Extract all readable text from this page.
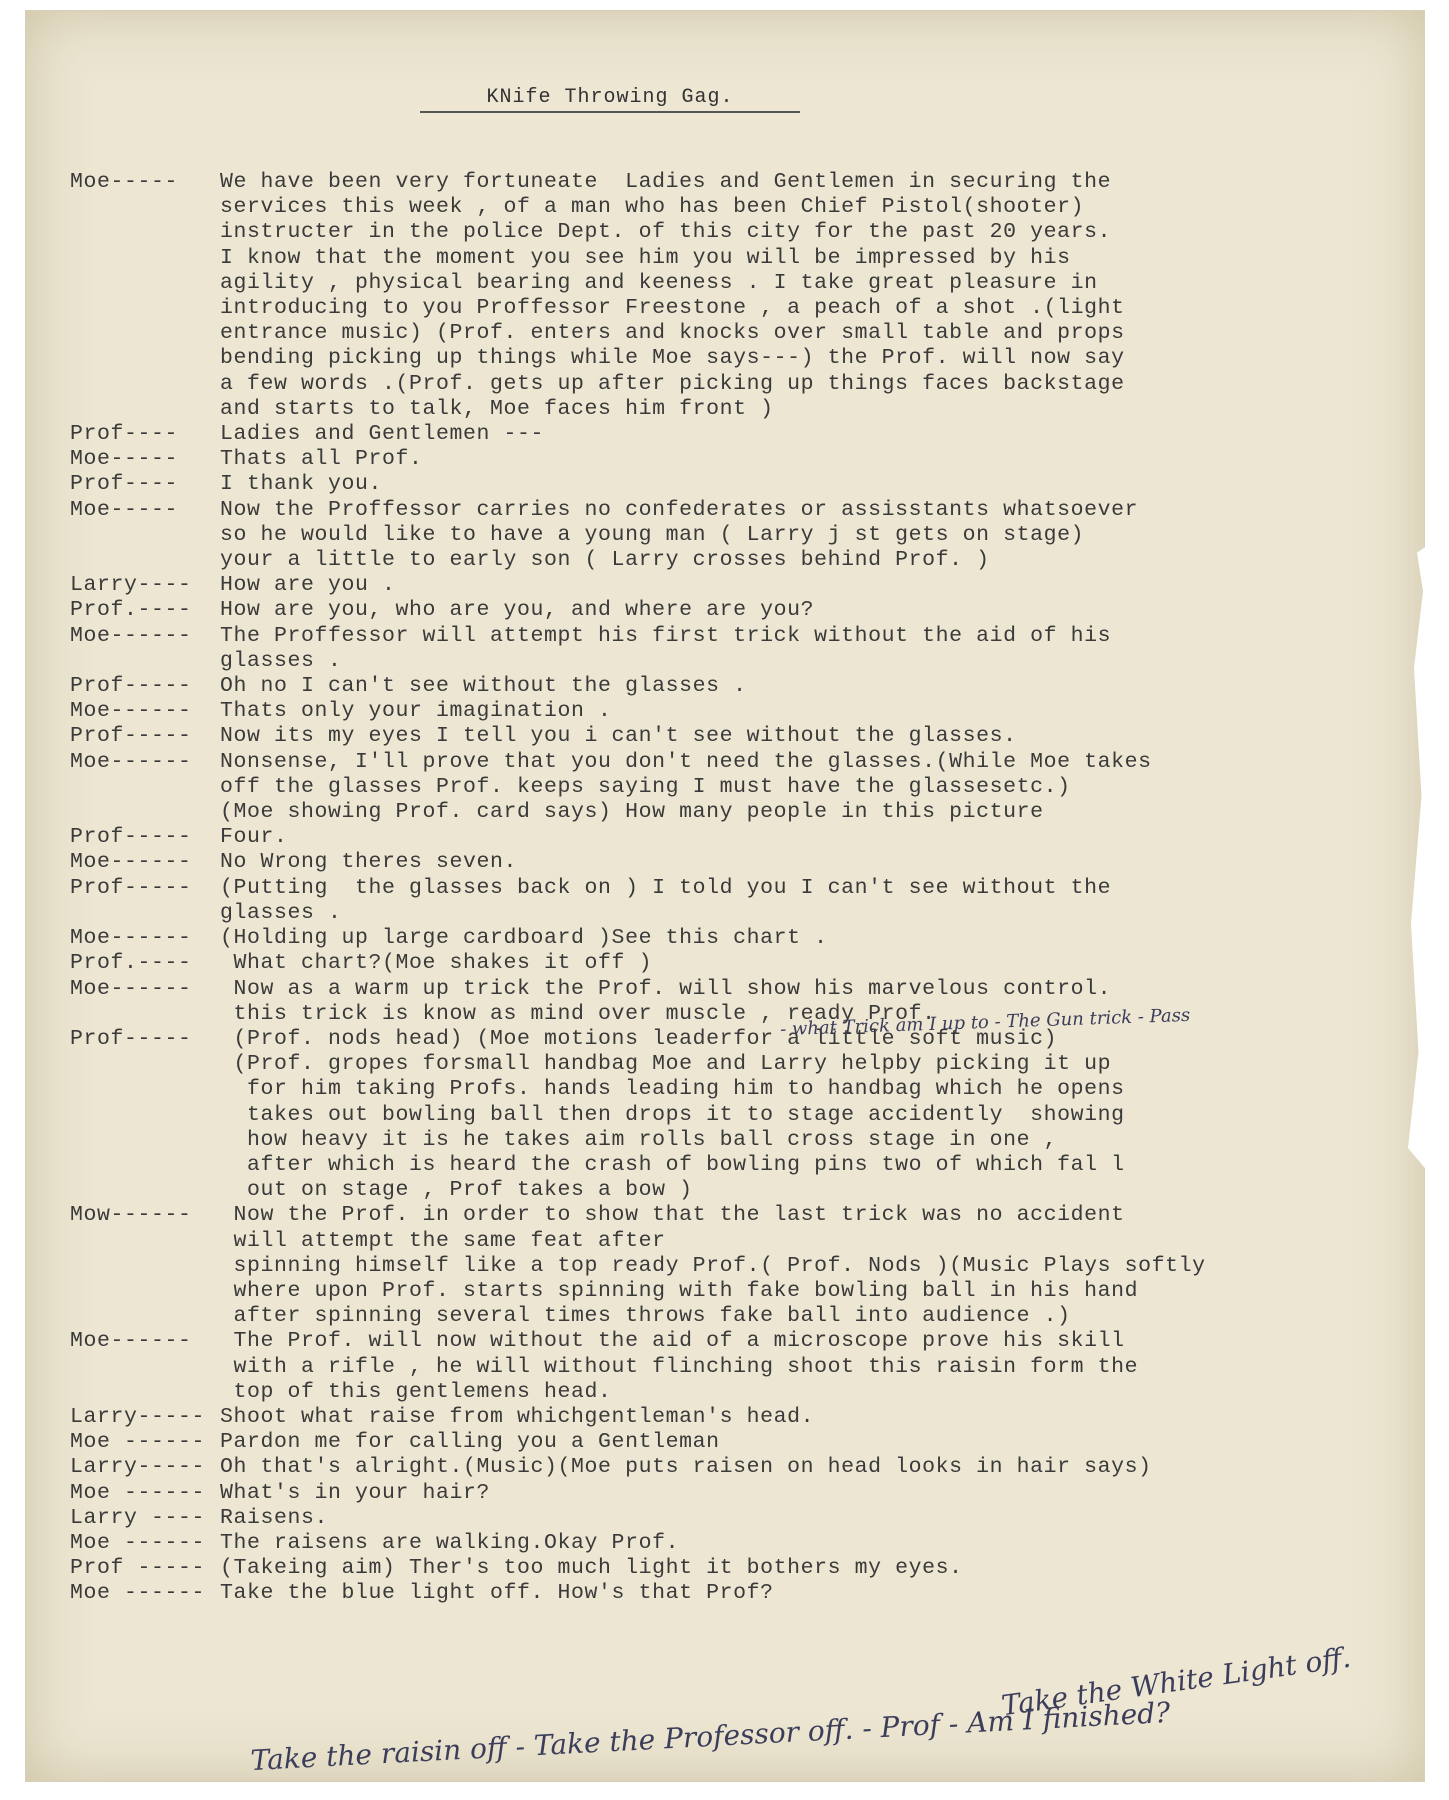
KNife Throwing Gag.
Moe-----	We have been very fortuneate  Ladies and Gentlemen in securing the
services this week , of a man who has been Chief Pistol(shooter)
instructer in the police Dept. of this city for the past 20 years.
I know that the moment you see him you will be impressed by his
agility , physical bearing and keeness . I take great pleasure in
introducing to you Proffessor Freestone , a peach of a shot .(light
entrance music) (Prof. enters and knocks over small table and props
bending picking up things while Moe says---) the Prof. will now say
a few words .(Prof. gets up after picking up things faces backstage
and starts to talk, Moe faces him front )
Prof----	Ladies and Gentlemen ---
Moe-----	Thats all Prof.
Prof----	I thank you.
Moe-----	Now the Proffessor carries no confederates or assisstants whatsoever
so he would like to have a young man ( Larry j st gets on stage)
your a little to early son ( Larry crosses behind Prof. )
Larry----	How are you .
Prof.----	How are you, who are you, and where are you?
Moe------	The Proffessor will attempt his first trick without the aid of his
glasses .
Prof-----	Oh no I can't see without the glasses .
Moe------	Thats only your imagination .
Prof-----	Now its my eyes I tell you i can't see without the glasses.
Moe------	Nonsense, I'll prove that you don't need the glasses.(While Moe takes
off the glasses Prof. keeps saying I must have the glassesetc.)
(Moe showing Prof. card says) How many people in this picture
Prof-----	Four.
Moe------	No Wrong theres seven.
Prof-----	(Putting  the glasses back on ) I told you I can't see without the
glasses .
Moe------	(Holding up large cardboard )See this chart .
Prof.----	What chart?(Moe shakes it off )
Moe------	Now as a warm up trick the Prof. will show his marvelous control.
this trick is know as mind over muscle , ready Prof.
Prof-----	(Prof. nods head) (Moe motions leaderfor a little soft music)
(Prof. gropes forsmall handbag Moe and Larry helpby picking it up
for him taking Profs. hands leading him to handbag which he opens
takes out bowling ball then drops it to stage accidently  showing
how heavy it is he takes aim rolls ball cross stage in one ,
after which is heard the crash of bowling pins two of which fal l
out on stage , Prof takes a bow )
Mow------	Now the Prof. in order to show that the last trick was no accident
will attempt the same feat after
spinning himself like a top ready Prof.( Prof. Nods )(Music Plays softly
where upon Prof. starts spinning with fake bowling ball in his hand
after spinning several times throws fake ball into audience .)
Moe------	The Prof. will now without the aid of a microscope prove his skill
with a rifle , he will without flinching shoot this raisin form the
top of this gentlemens head.
Larry----- Shoot what raise from whichgentleman's head.
Moe ------ Pardon me for calling you a Gentleman
Larry----- Oh that's alright.(Music)(Moe puts raisen on head looks in hair says)
Moe ------ What's in your hair?
Larry ---- Raisens.
Moe ------ The raisens are walking.Okay Prof.
Prof ----- (Takeing aim) Ther's too much light it bothers my eyes.
Moe ------ Take the blue light off. How's that Prof?
- what Trick am I up to - The Gun trick - Pass
Take the White Light off.
Take the raisin off - Take the Professor off. - Prof - Am I finished?
